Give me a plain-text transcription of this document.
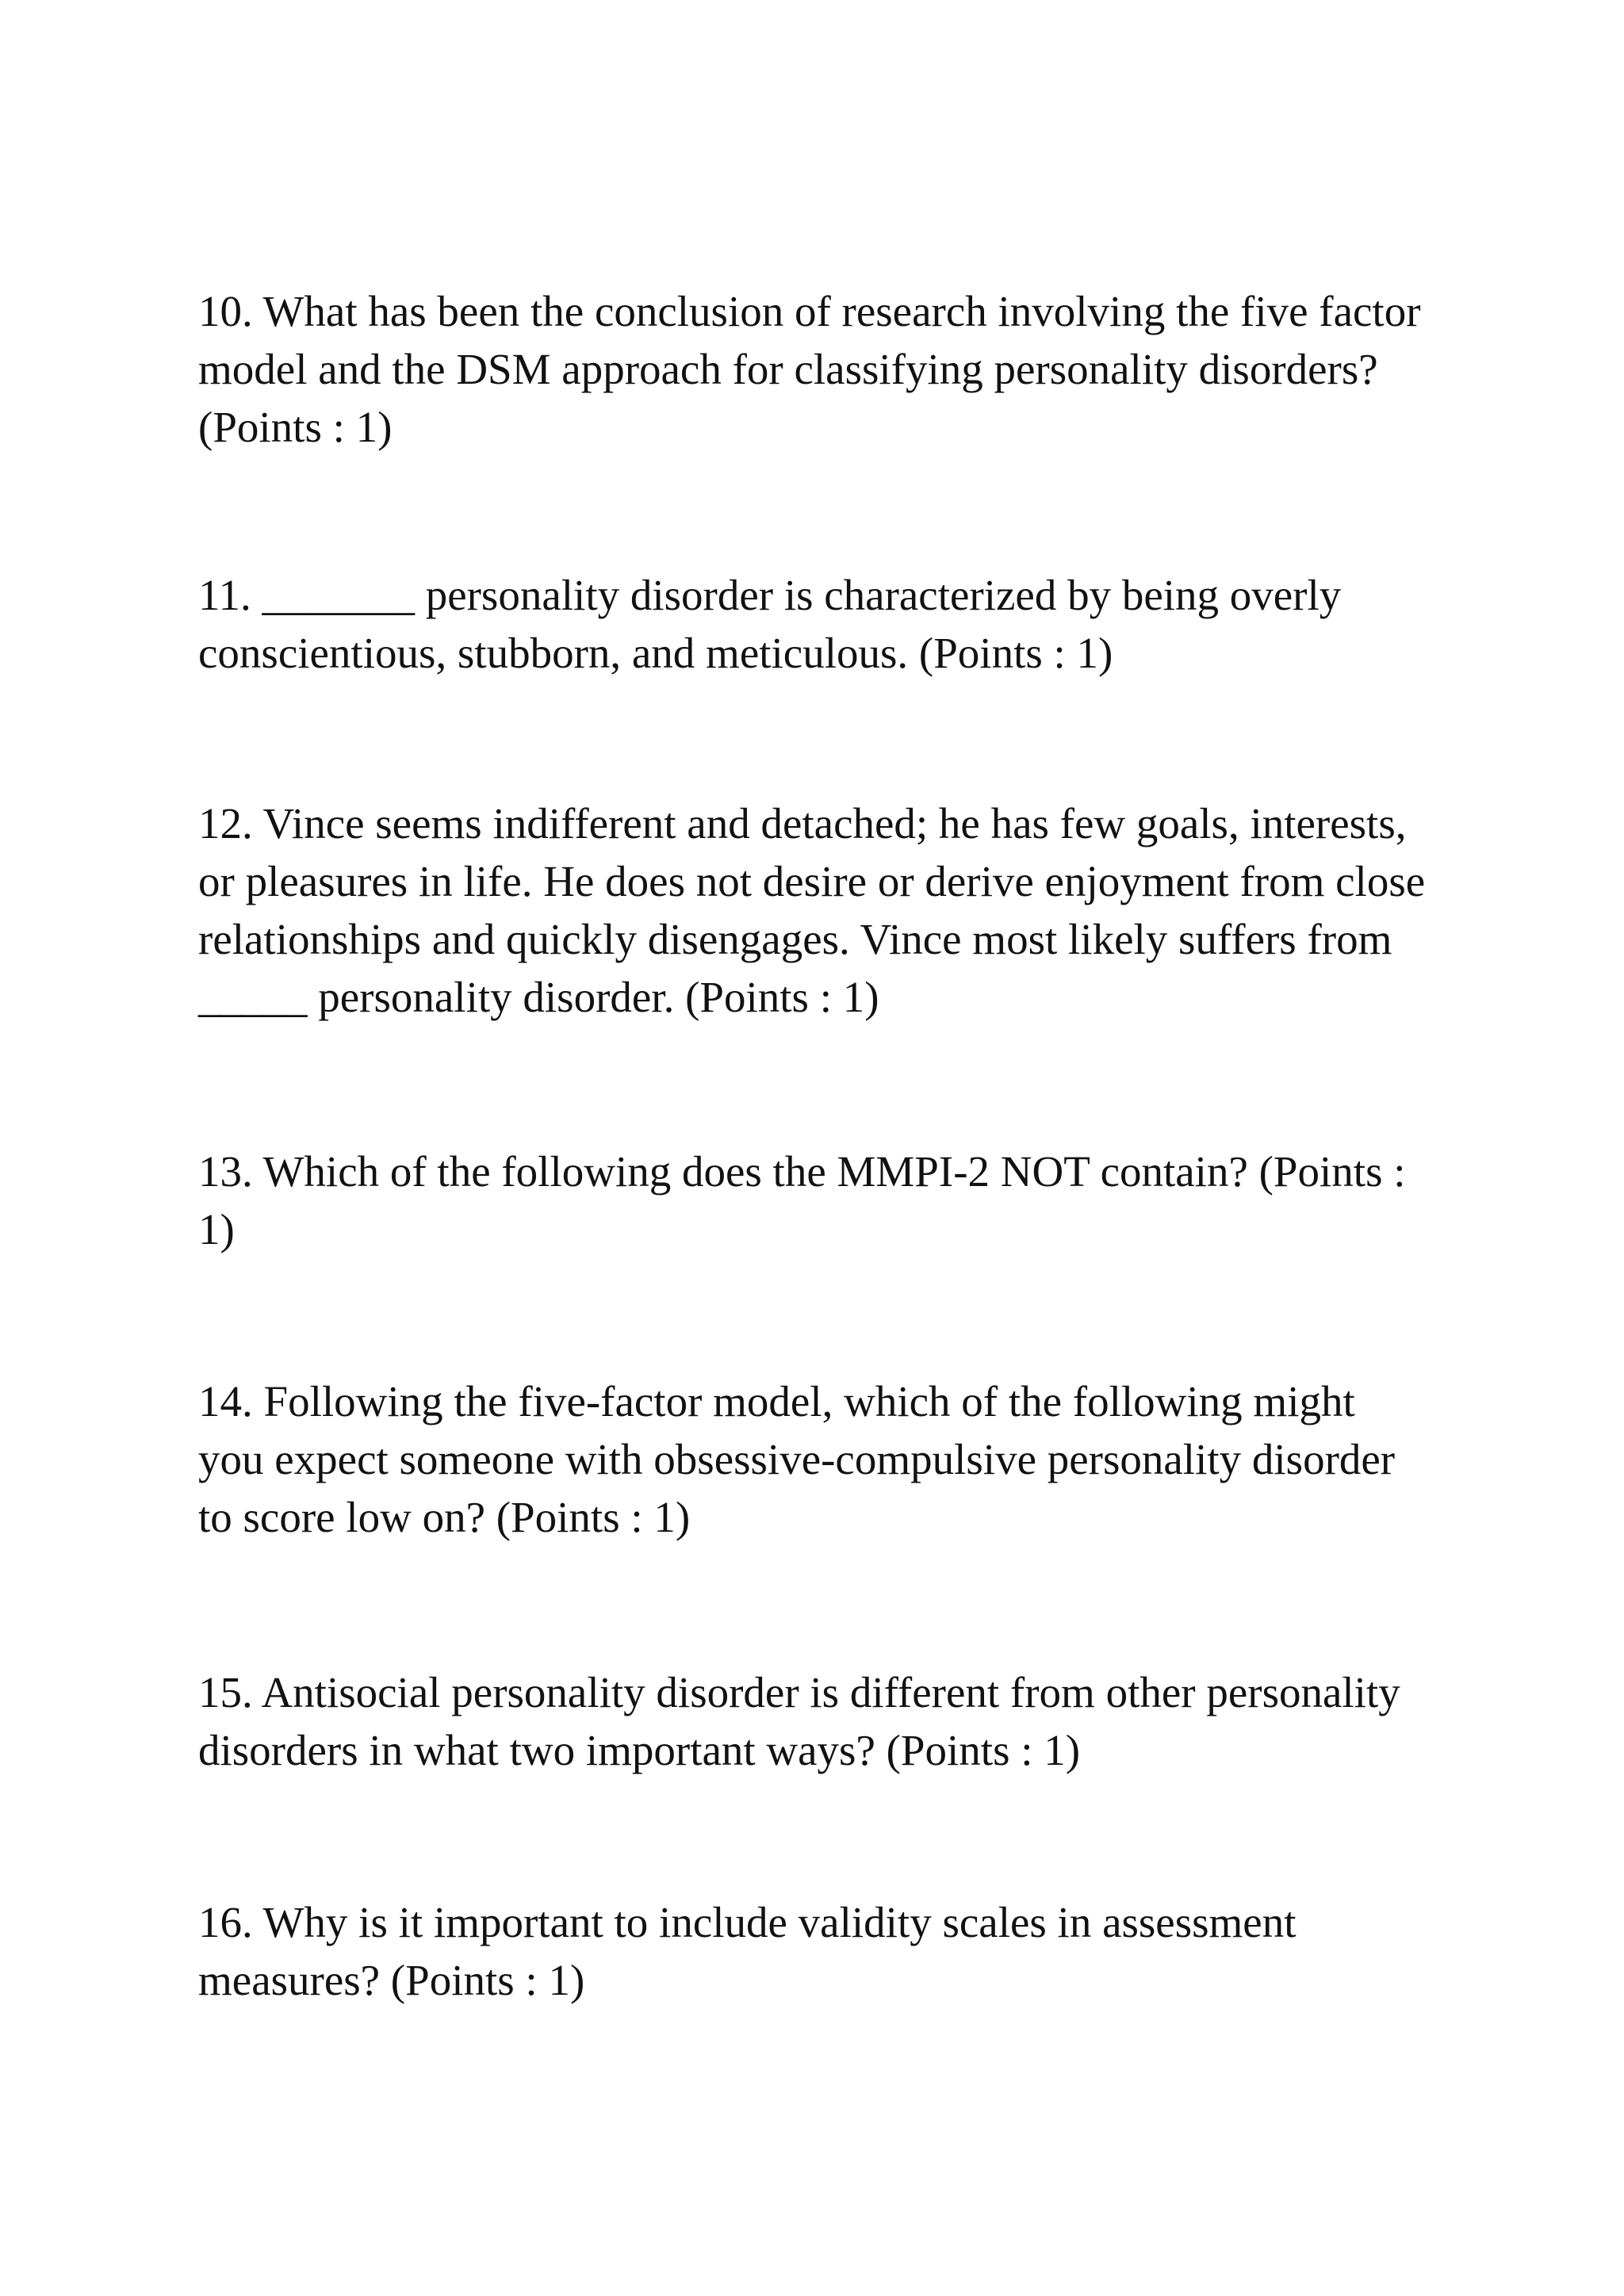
10. What has been the conclusion of research involving the five factor
model and the DSM approach for classifying personality disorders?
(Points : 1)

11. _______ personality disorder is characterized by being overly
conscientious, stubborn, and meticulous. (Points : 1)

12. Vince seems indifferent and detached; he has few goals, interests,
or pleasures in life. He does not desire or derive enjoyment from close
relationships and quickly disengages. Vince most likely suffers from
_____ personality disorder. (Points : 1)

13. Which of the following does the MMPI-2 NOT contain? (Points :
1)

14. Following the five-factor model, which of the following might
you expect someone with obsessive-compulsive personality disorder
to score low on? (Points : 1)

15. Antisocial personality disorder is different from other personality
disorders in what two important ways? (Points : 1)

16. Why is it important to include validity scales in assessment
measures? (Points : 1)
